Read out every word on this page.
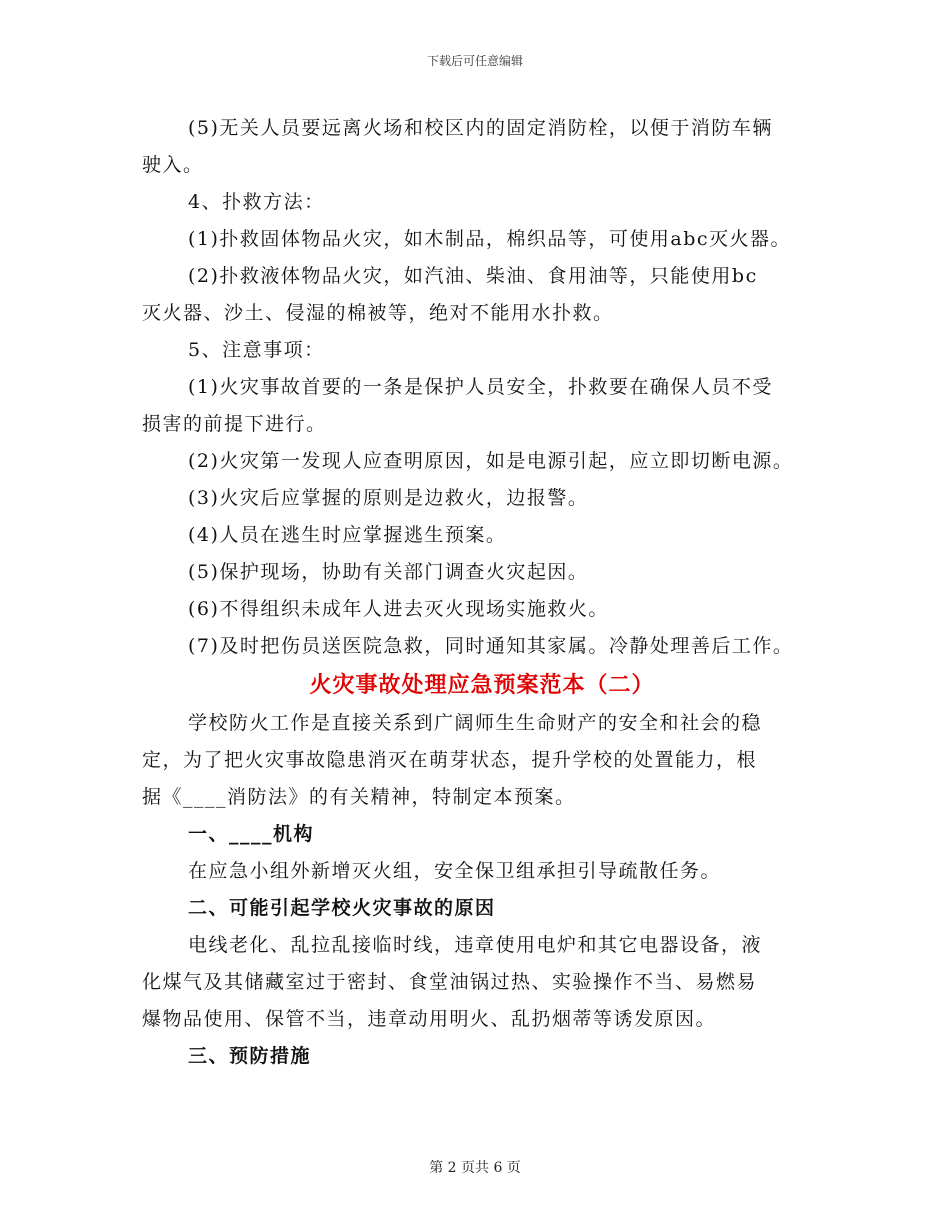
下载后可任意编辑

(5)无关人员要远离火场和校区内的固定消防栓，以便于消防车辆

驶入。

4、扑救方法：

(1)扑救固体物品火灾，如木制品，棉织品等，可使用abc灭火器。

(2)扑救液体物品火灾，如汽油、柴油、食用油等，只能使用bc

灭火器、沙土、侵湿的棉被等，绝对不能用水扑救。

5、注意事项：

(1)火灾事故首要的一条是保护人员安全，扑救要在确保人员不受

损害的前提下进行。

(2)火灾第一发现人应查明原因，如是电源引起，应立即切断电源。

(3)火灾后应掌握的原则是边救火，边报警。

(4)人员在逃生时应掌握逃生预案。

(5)保护现场，协助有关部门调查火灾起因。

(6)不得组织未成年人进去灭火现场实施救火。

(7)及时把伤员送医院急救，同时通知其家属。冷静处理善后工作。

火灾事故处理应急预案范本（二）

学校防火工作是直接关系到广阔师生生命财产的安全和社会的稳

定，为了把火灾事故隐患消灭在萌芽状态，提升学校的处置能力，根

据《____消防法》的有关精神，特制定本预案。

一、____机构

在应急小组外新增灭火组，安全保卫组承担引导疏散任务。

二、可能引起学校火灾事故的原因

电线老化、乱拉乱接临时线，违章使用电炉和其它电器设备，液

化煤气及其储藏室过于密封、食堂油锅过热、实验操作不当、易燃易

爆物品使用、保管不当，违章动用明火、乱扔烟蒂等诱发原因。

三、预防措施

第 2 页共 6 页
